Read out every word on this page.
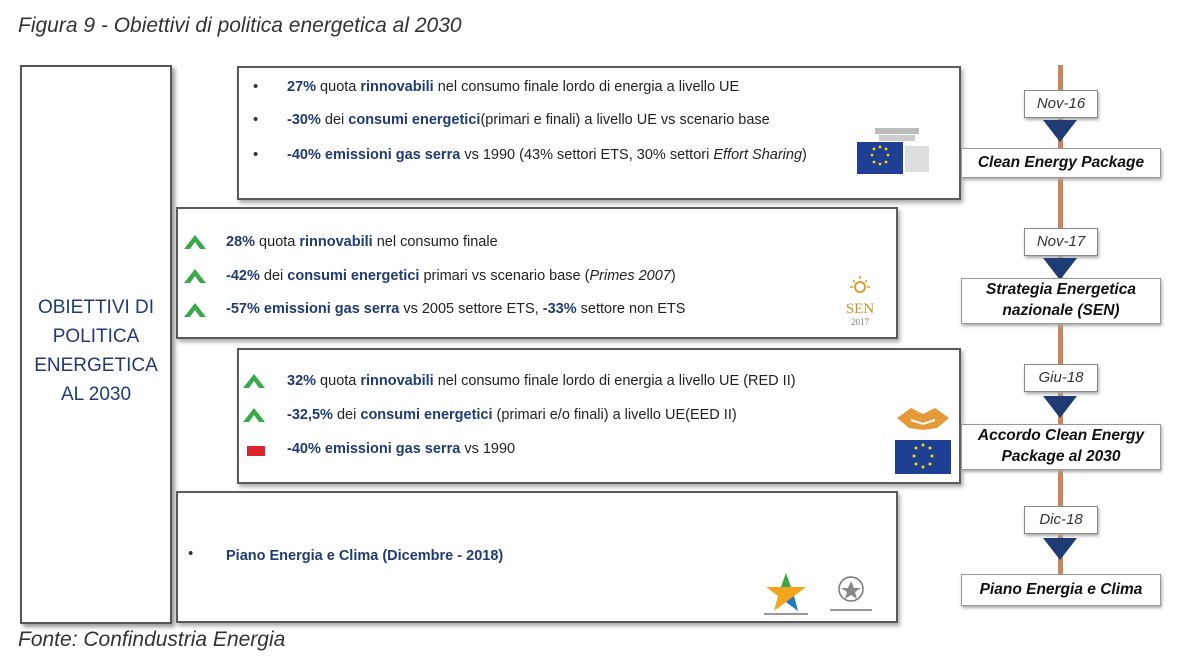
Figura 9 - Obiettivi di politica energetica al 2030
OBIETTIVI DI
POLITICA
ENERGETICA
AL 2030
• 27% quota rinnovabili nel consumo finale lordo di energia a livello UE
• -30% dei consumi energetici(primari e finali) a livello UE vs scenario base
• -40% emissioni gas serra vs 1990 (43% settori ETS, 30% settori Effort Sharing)
28% quota rinnovabili nel consumo finale
-42% dei consumi energetici primari vs scenario base (Primes 2007)
-57% emissioni gas serra vs 2005 settore ETS, -33% settore non ETS	SEN
2017
32% quota rinnovabili nel consumo finale lordo di energia a livello UE (RED II)
-32,5% dei consumi energetici (primari e/o finali) a livello UE(EED II)
-40% emissioni gas serra vs 1990
• Piano Energia e Clima (Dicembre - 2018)
Nov-16
Clean Energy Package
Nov-17
Strategia Energetica nazionale (SEN)
Giu-18
Accordo Clean Energy Package al 2030
Dic-18
Piano Energia e Clima
Fonte: Confindustria Energia
